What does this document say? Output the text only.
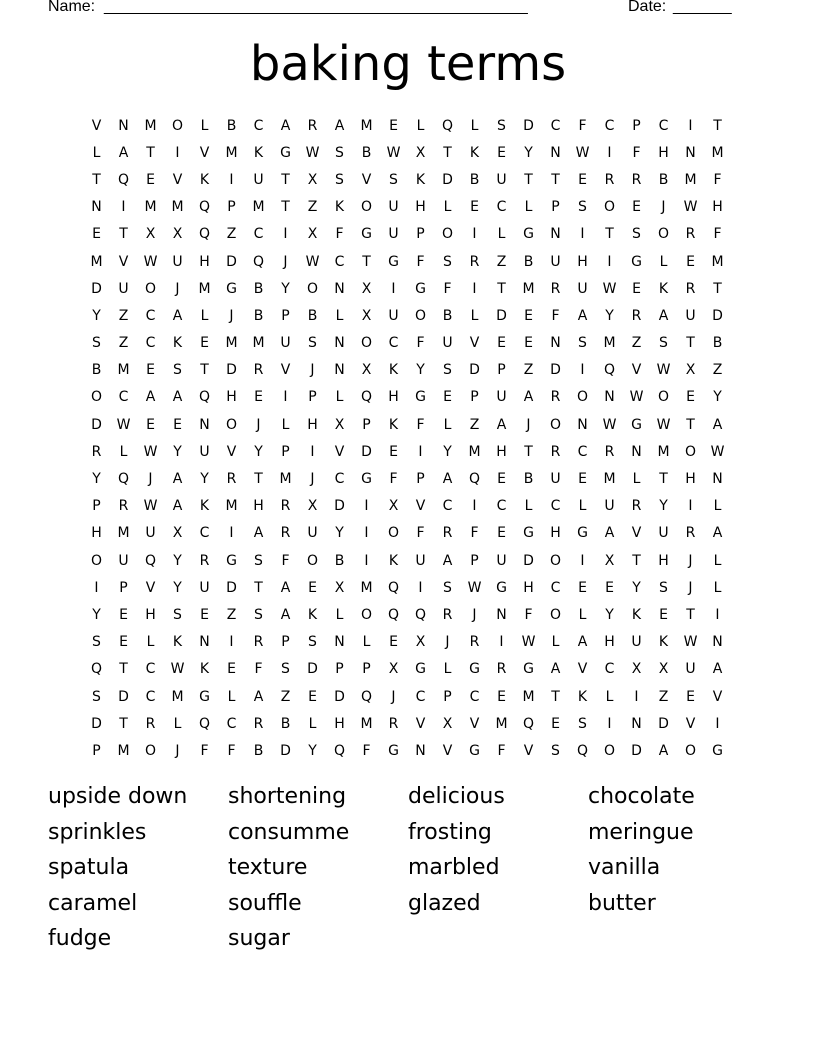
Name: ___________________________________________________	Date: _______
baking terms
V	N	M	O	L	B	C	A	R	A	M	E	L	Q	L	S	D	C	F	C	P	C	I	T
L	A	T	I	V	M	K	G	W	S	B	W	X	T	K	E	Y	N	W	I	F	H	N	M
T	Q	E	V	K	I	U	T	X	S	V	S	K	D	B	U	T	T	E	R	R	B	M	F
N	I	M	M	Q	P	M	T	Z	K	O	U	H	L	E	C	L	P	S	O	E	J	W	H
E	T	X	X	Q	Z	C	I	X	F	G	U	P	O	I	L	G	N	I	T	S	O	R	F
M	V	W	U	H	D	Q	J	W	C	T	G	F	S	R	Z	B	U	H	I	G	L	E	M
D	U	O	J	M	G	B	Y	O	N	X	I	G	F	I	T	M	R	U	W	E	K	R	T
Y	Z	C	A	L	J	B	P	B	L	X	U	O	B	L	D	E	F	A	Y	R	A	U	D
S	Z	C	K	E	M	M	U	S	N	O	C	F	U	V	E	E	N	S	M	Z	S	T	B
B	M	E	S	T	D	R	V	J	N	X	K	Y	S	D	P	Z	D	I	Q	V	W	X	Z
O	C	A	A	Q	H	E	I	P	L	Q	H	G	E	P	U	A	R	O	N	W	O	E	Y
D	W	E	E	N	O	J	L	H	X	P	K	F	L	Z	A	J	O	N	W	G	W	T	A
R	L	W	Y	U	V	Y	P	I	V	D	E	I	Y	M	H	T	R	C	R	N	M	O	W
Y	Q	J	A	Y	R	T	M	J	C	G	F	P	A	Q	E	B	U	E	M	L	T	H	N
P	R	W	A	K	M	H	R	X	D	I	X	V	C	I	C	L	C	L	U	R	Y	I	L
H	M	U	X	C	I	A	R	U	Y	I	O	F	R	F	E	G	H	G	A	V	U	R	A
O	U	Q	Y	R	G	S	F	O	B	I	K	U	A	P	U	D	O	I	X	T	H	J	L
I	P	V	Y	U	D	T	A	E	X	M	Q	I	S	W	G	H	C	E	E	Y	S	J	L
Y	E	H	S	E	Z	S	A	K	L	O	Q	Q	R	J	N	F	O	L	Y	K	E	T	I
S	E	L	K	N	I	R	P	S	N	L	E	X	J	R	I	W	L	A	H	U	K	W	N
Q	T	C	W	K	E	F	S	D	P	P	X	G	L	G	R	G	A	V	C	X	X	U	A
S	D	C	M	G	L	A	Z	E	D	Q	J	C	P	C	E	M	T	K	L	I	Z	E	V
D	T	R	L	Q	C	R	B	L	H	M	R	V	X	V	M	Q	E	S	I	N	D	V	I
P	M	O	J	F	F	B	D	Y	Q	F	G	N	V	G	F	V	S	Q	O	D	A	O	G
upside down	shortening	delicious	chocolate
sprinkles	consumme	frosting	meringue
spatula	texture	marbled	vanilla
caramel	souffle	glazed	butter
fudge	sugar
